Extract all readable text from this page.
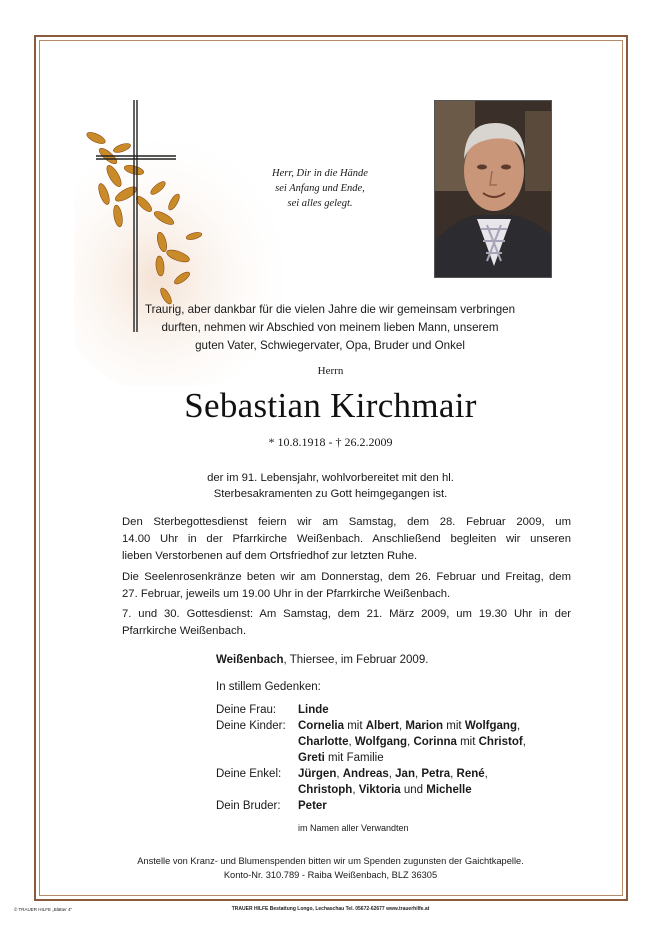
Herr, Dir in die Hände
sei Anfang und Ende,
sei alles gelegt.
Traurig, aber dankbar für die vielen Jahre die wir gemeinsam verbringen
durften, nehmen wir Abschied von meinem lieben Mann, unserem
guten Vater, Schwiegervater, Opa, Bruder und Onkel
Herrn
Sebastian Kirchmair
* 10.8.1918 - † 26.2.2009
der im 91. Lebensjahr, wohlvorbereitet mit den hl.
Sterbesakramenten zu Gott heimgegangen ist.
Den Sterbegottesdienst feiern wir am Samstag, dem 28. Februar 2009, um
14.00 Uhr in der Pfarrkirche Weißenbach. Anschließend begleiten wir unseren
lieben Verstorbenen auf dem Ortsfriedhof zur letzten Ruhe.
Die Seelenrosenkränze beten wir am Donnerstag, dem 26. Februar und Freitag, dem
27. Februar, jeweils um 19.00 Uhr in der Pfarrkirche Weißenbach.
7. und 30. Gottesdienst: Am Samstag, dem 21. März 2009, um 19.30 Uhr in der
Pfarrkirche Weißenbach.
Weißenbach, Thiersee, im Februar 2009.
In stillem Gedenken:
Deine Frau:	Linde
Deine Kinder:	Cornelia mit Albert, Marion mit Wolfgang,
Charlotte, Wolfgang, Corinna mit Christof,
Greti mit Familie
Deine Enkel:	Jürgen, Andreas, Jan, Petra, René,
Christoph, Viktoria und Michelle
Dein Bruder:	Peter
im Namen aller Verwandten
Anstelle von Kranz- und Blumenspenden bitten wir um Spenden zugunsten der Gaichtkapelle.
Konto-Nr. 310.789 - Raiba Weißenbach, BLZ 36305
© TRAUER HILFE „Blätter 4"	TRAUER HILFE Bestattung Longo, Lechaschau Tel. 05672-62677 www.trauerhilfe.at
